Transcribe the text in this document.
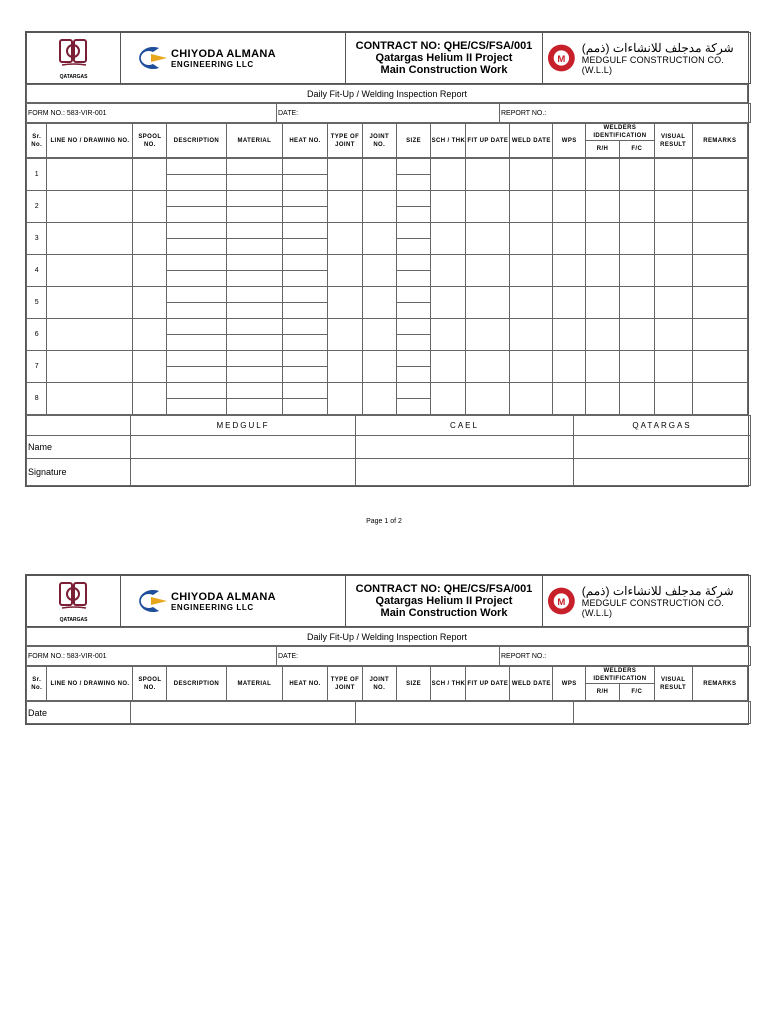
QATARGAS

CHIYODA ALMANA
ENGINEERING LLC

CONTRACT NO: QHE/CS/FSA/001
Qatargas Helium II Project
Main Construction Work

M
شركة مدجلف للانشاءات (ذمم)
MEDGULF CONSTRUCTION CO. (W.L.L)
Daily Fit-Up / Welding Inspection Report
FORM NO.: 583-VIR-001	DATE:	REPORT NO.:
Sr. No.	LINE NO / DRAWING NO.	SPOOL NO.	DESCRIPTION	MATERIAL	HEAT NO.	TYPE OF JOINT	JOINT NO.	SIZE	SCH / THK	FIT UP DATE	WELD DATE	WPS	WELDERS IDENTIFICATION		VISUAL RESULT	REMARKS
													R/H	F/C		
1			

2			

3			

4			

5			

6			

7			

8			

	MEDGULF	CAEL	QATARGAS
Name			
Signature			
Page 1 of 2
QATARGAS

CHIYODA ALMANA
ENGINEERING LLC

CONTRACT NO: QHE/CS/FSA/001
Qatargas Helium II Project
Main Construction Work

M
شركة مدجلف للانشاءات (ذمم)
MEDGULF CONSTRUCTION CO. (W.L.L)
Daily Fit-Up / Welding Inspection Report
FORM NO.: 583-VIR-001	DATE:	REPORT NO.:
Sr. No.	LINE NO / DRAWING NO.	SPOOL NO.	DESCRIPTION	MATERIAL	HEAT NO.	TYPE OF JOINT	JOINT NO.	SIZE	SCH / THK	FIT UP DATE	WELD DATE	WPS	WELDERS IDENTIFICATION		VISUAL RESULT	REMARKS
													R/H	F/C		
Date			
